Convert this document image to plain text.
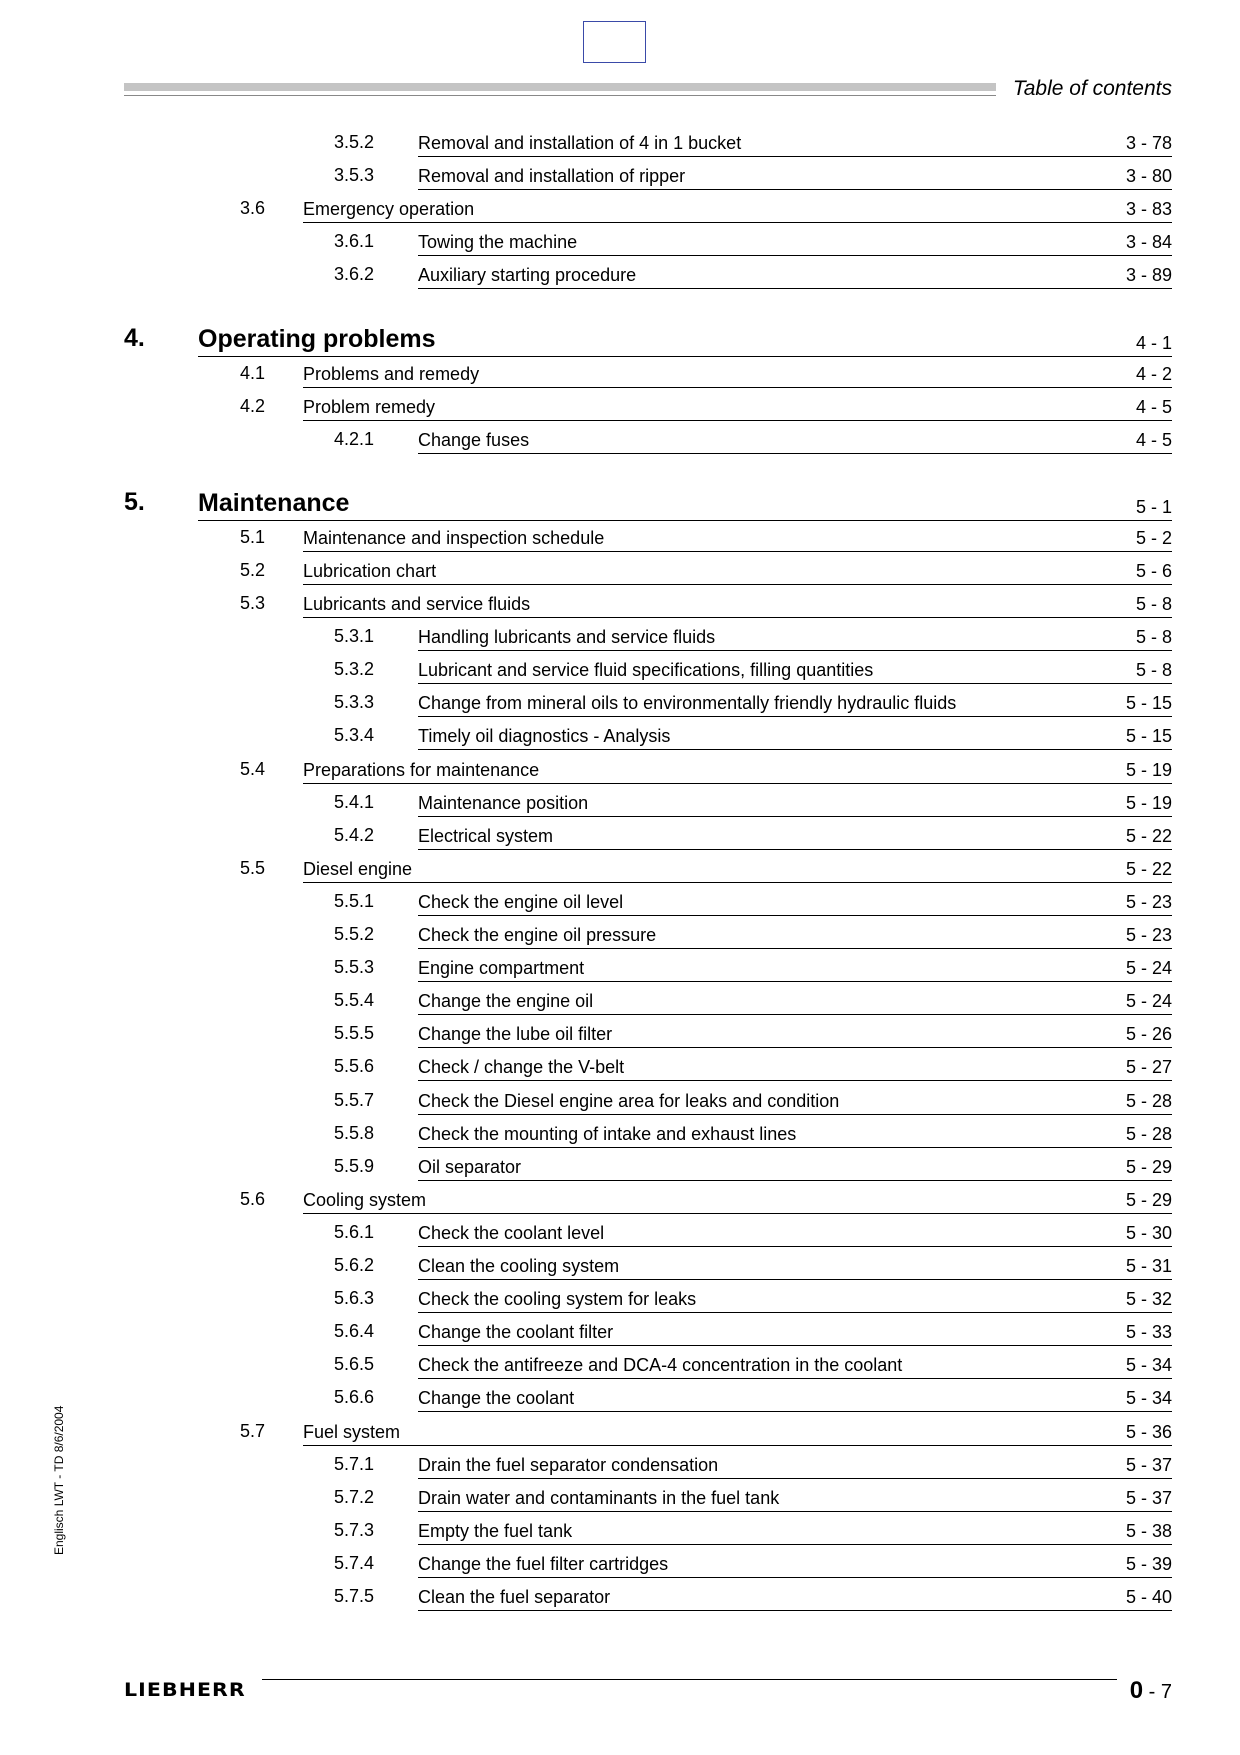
Table of contents
3.5.2 Removal and installation of 4 in 1 bucket	3 - 78
3.5.3 Removal and installation of ripper	3 - 80
3.6 Emergency operation	3 - 83
3.6.1 Towing the machine	3 - 84
3.6.2 Auxiliary starting procedure	3 - 89
4. Operating problems	4 - 1
4.1 Problems and remedy	4 - 2
4.2 Problem remedy	4 - 5
4.2.1 Change fuses	4 - 5
5. Maintenance	5 - 1
5.1 Maintenance and inspection schedule	5 - 2
5.2 Lubrication chart	5 - 6
5.3 Lubricants and service fluids	5 - 8
5.3.1 Handling lubricants and service fluids	5 - 8
5.3.2 Lubricant and service fluid specifications, filling quantities	5 - 8
5.3.3 Change from mineral oils to environmentally friendly hydraulic fluids	5 - 15
5.3.4 Timely oil diagnostics - Analysis	5 - 15
5.4 Preparations for maintenance	5 - 19
5.4.1 Maintenance position	5 - 19
5.4.2 Electrical system	5 - 22
5.5 Diesel engine	5 - 22
5.5.1 Check the engine oil level	5 - 23
5.5.2 Check the engine oil pressure	5 - 23
5.5.3 Engine compartment	5 - 24
5.5.4 Change the engine oil	5 - 24
5.5.5 Change the lube oil filter	5 - 26
5.5.6 Check / change the V-belt	5 - 27
5.5.7 Check the Diesel engine area for leaks and condition	5 - 28
5.5.8 Check the mounting of intake and exhaust lines	5 - 28
5.5.9 Oil separator	5 - 29
5.6 Cooling system	5 - 29
5.6.1 Check the coolant level	5 - 30
5.6.2 Clean the cooling system	5 - 31
5.6.3 Check the cooling system for leaks	5 - 32
5.6.4 Change the coolant filter	5 - 33
5.6.5 Check the antifreeze and DCA-4 concentration in the coolant	5 - 34
5.6.6 Change the coolant	5 - 34
5.7 Fuel system	5 - 36
5.7.1 Drain the fuel separator condensation	5 - 37
5.7.2 Drain water and contaminants in the fuel tank	5 - 37
5.7.3 Empty the fuel tank	5 - 38
5.7.4 Change the fuel filter cartridges	5 - 39
5.7.5 Clean the fuel separator	5 - 40
Englisch LWT - TD 8/6/2004
LIEBHERR	0 - 7
